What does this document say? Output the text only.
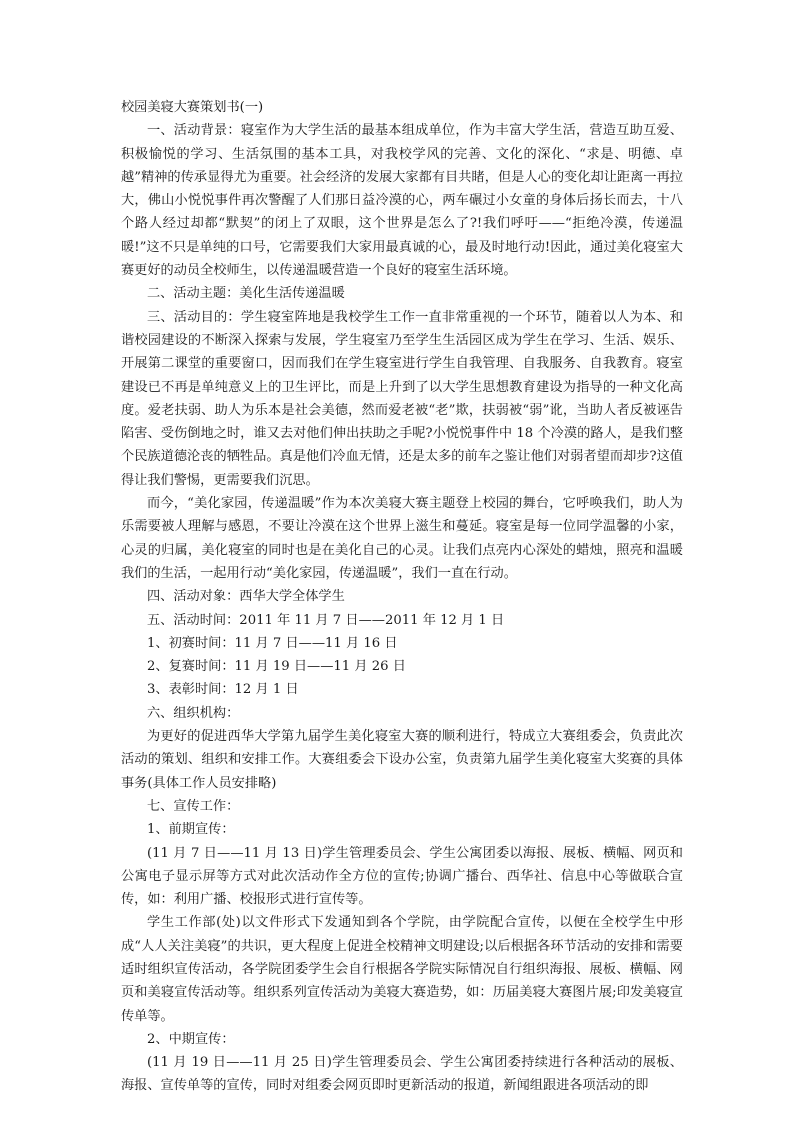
校园美寝大赛策划书(一)

一、活动背景：寝室作为大学生活的最基本组成单位，作为丰富大学生活，营造互助互爱、积极愉悦的学习、生活氛围的基本工具，对我校学风的完善、文化的深化、“求是、明德、卓越”精神的传承显得尤为重要。社会经济的发展大家都有目共睹，但是人心的变化却让距离一再拉大，佛山小悦悦事件再次警醒了人们那日益冷漠的心，两车碾过小女童的身体后扬长而去，十八个路人经过却都“默契”的闭上了双眼，这个世界是怎么了?!我们呼吁——“拒绝冷漠，传递温暖!”这不只是单纯的口号，它需要我们大家用最真诚的心，最及时地行动!因此，通过美化寝室大赛更好的动员全校师生，以传递温暖营造一个良好的寝室生活环境。

二、活动主题：美化生活传递温暖

三、活动目的：学生寝室阵地是我校学生工作一直非常重视的一个环节，随着以人为本、和谐校园建设的不断深入探索与发展，学生寝室乃至学生生活园区成为学生在学习、生活、娱乐、开展第二课堂的重要窗口，因而我们在学生寝室进行学生自我管理、自我服务、自我教育。寝室建设已不再是单纯意义上的卫生评比，而是上升到了以大学生思想教育建设为指导的一种文化高度。爱老扶弱、助人为乐本是社会美德，然而爱老被“老”欺，扶弱被“弱”讹，当助人者反被诬告陷害、受伤倒地之时，谁又去对他们伸出扶助之手呢?小悦悦事件中 18 个冷漠的路人，是我们整个民族道德沦丧的牺牲品。真是他们冷血无情，还是太多的前车之鉴让他们对弱者望而却步?这值得让我们警惕，更需要我们沉思。

而今，“美化家园，传递温暖”作为本次美寝大赛主题登上校园的舞台，它呼唤我们，助人为乐需要被人理解与感恩，不要让冷漠在这个世界上滋生和蔓延。寝室是每一位同学温馨的小家，心灵的归属，美化寝室的同时也是在美化自己的心灵。让我们点亮内心深处的蜡烛，照亮和温暖我们的生活，一起用行动“美化家园，传递温暖”，我们一直在行动。

四、活动对象：西华大学全体学生

五、活动时间：2011 年 11 月 7 日——2011 年 12 月 1 日

1、初赛时间：11 月 7 日——11 月 16 日

2、复赛时间：11 月 19 日——11 月 26 日

3、表彰时间：12 月 1 日

六、组织机构：

为更好的促进西华大学第九届学生美化寝室大赛的顺利进行，特成立大赛组委会，负责此次活动的策划、组织和安排工作。大赛组委会下设办公室，负责第九届学生美化寝室大奖赛的具体事务(具体工作人员安排略)

七、宣传工作：

1、前期宣传：

(11 月 7 日——11 月 13 日)学生管理委员会、学生公寓团委以海报、展板、横幅、网页和公寓电子显示屏等方式对此次活动作全方位的宣传;协调广播台、西华社、信息中心等做联合宣传，如：利用广播、校报形式进行宣传等。

学生工作部(处)以文件形式下发通知到各个学院，由学院配合宣传，以便在全校学生中形成“人人关注美寝”的共识，更大程度上促进全校精神文明建设;以后根据各环节活动的安排和需要适时组织宣传活动，各学院团委学生会自行根据各学院实际情况自行组织海报、展板、横幅、网页和美寝宣传活动等。组织系列宣传活动为美寝大赛造势，如：历届美寝大赛图片展;印发美寝宣传单等。

2、中期宣传：

(11 月 19 日——11 月 25 日)学生管理委员会、学生公寓团委持续进行各种活动的展板、海报、宣传单等的宣传，同时对组委会网页即时更新活动的报道，新闻组跟进各项活动的即
